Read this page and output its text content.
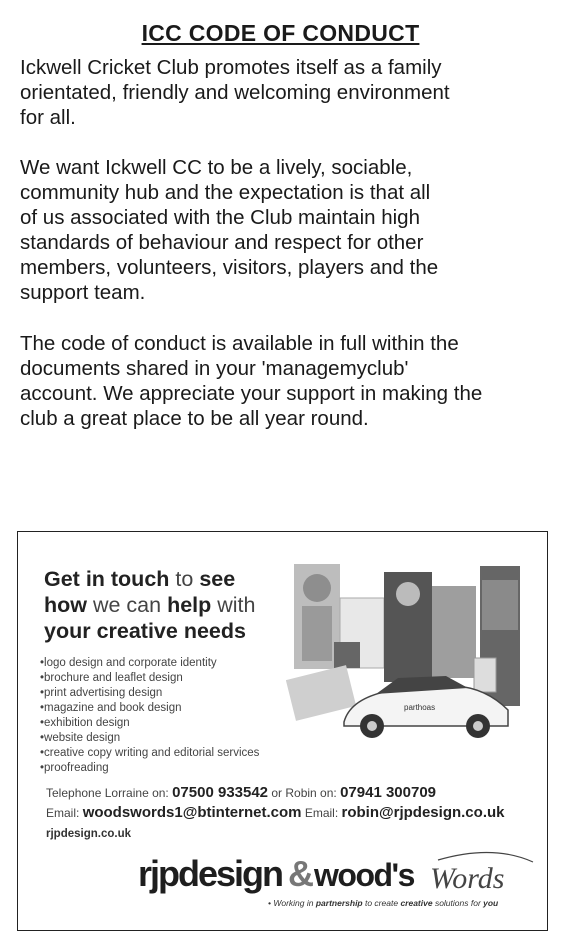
ICC CODE OF CONDUCT
Ickwell Cricket Club promotes itself as a family
orientated, friendly and welcoming environment
for all.
We want Ickwell CC to be a lively, sociable,
community hub and the expectation is that all
of us associated with the Club maintain high
standards of behaviour and respect for other
members, volunteers, visitors, players and the
support team.
The code of conduct is available in full within the
documents shared in your 'managemyclub'
account. We appreciate your support in making the
club a great place to be all year round.
Get in touch to see
how we can help with
your creative needs
• logo design and corporate identity
• brochure and leaflet design
• print advertising design
• magazine and book design
• exhibition design
• website design
• creative copy writing and editorial services
• proofreading
Telephone Lorraine on: 07500 933542 or Robin on: 07941 300709
Email: woodswords1@btinternet.com Email: robin@rjpdesign.co.uk
rjpdesign.co.uk
parthoas
rjpdesign & wood's Words
• Working in partnership to create creative solutions for you
